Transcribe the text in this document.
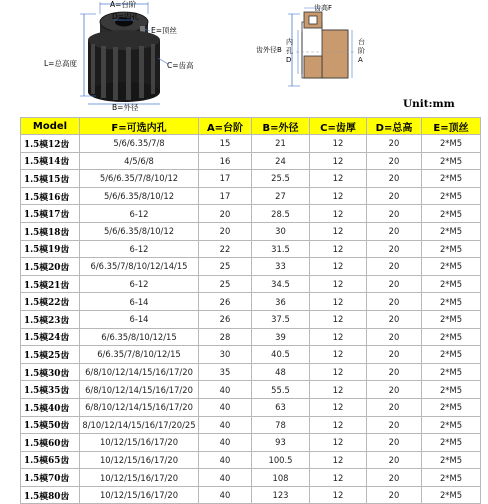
A=台阶
D=内孔
E=顶丝
L=总高度	C=齿高
B=外径
齿高F
齿外径B
内
孔
D
台
阶
A
Unit:mm
Model	F=可选内孔	A=台阶	B=外径	C=齿厚	D=总高	E=顶丝
1.5模12齿	5/6/6.35/7/8	15	21	12	20	2*M5
1.5模14齿	4/5/6/8	16	24	12	20	2*M5
1.5模15齿	5/6/6.35/7/8/10/12	17	25.5	12	20	2*M5
1.5模16齿	5/6/6.35/8/10/12	17	27	12	20	2*M5
1.5模17齿	6-12	20	28.5	12	20	2*M5
1.5模18齿	5/6/6.35/8/10/12	20	30	12	20	2*M5
1.5模19齿	6-12	22	31.5	12	20	2*M5
1.5模20齿	6/6.35/7/8/10/12/14/15	25	33	12	20	2*M5
1.5模21齿	6-12	25	34.5	12	20	2*M5
1.5模22齿	6-14	26	36	12	20	2*M5
1.5模23齿	6-14	26	37.5	12	20	2*M5
1.5模24齿	6/6.35/8/10/12/15	28	39	12	20	2*M5
1.5模25齿	6/6.35/7/8/10/12/15	30	40.5	12	20	2*M5
1.5模30齿	6/8/10/12/14/15/16/17/20	35	48	12	20	2*M5
1.5模35齿	6/8/10/12/14/15/16/17/20	40	55.5	12	20	2*M5
1.5模40齿	6/8/10/12/14/15/16/17/20	40	63	12	20	2*M5
1.5模50齿	8/10/12/14/15/16/17/20/25	40	78	12	20	2*M5
1.5模60齿	10/12/15/16/17/20	40	93	12	20	2*M5
1.5模65齿	10/12/15/16/17/20	40	100.5	12	20	2*M5
1.5模70齿	10/12/15/16/17/20	40	108	12	20	2*M5
1.5模80齿	10/12/15/16/17/20	40	123	12	20	2*M5
